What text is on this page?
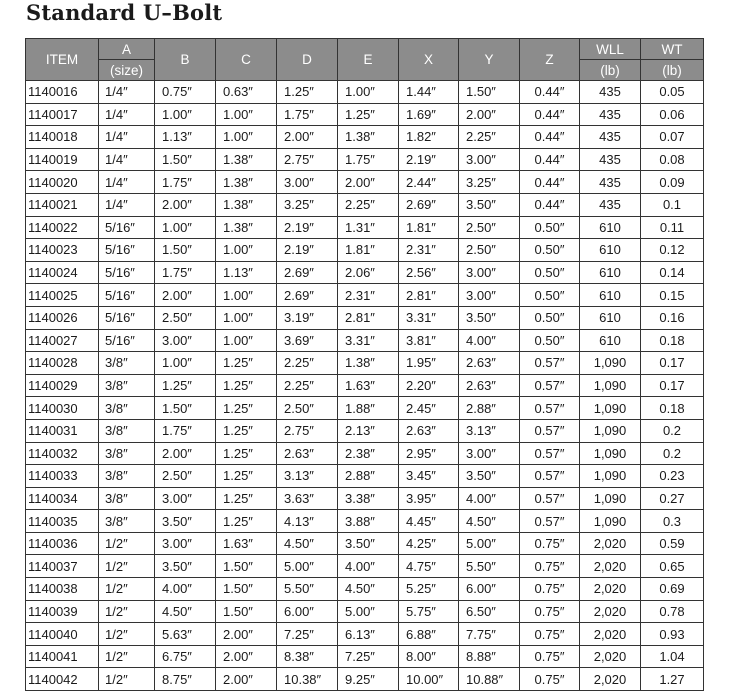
Standard U–Bolt
ITEM	A	B	C	D	E	X	Y	Z	WLL	WT
	(size)								(lb)	(lb)
1140016	1/4″	0.75″	0.63″	1.25″	1.00″	1.44″	1.50″	0.44″	435	0.05
1140017	1/4″	1.00″	1.00″	1.75″	1.25″	1.69″	2.00″	0.44″	435	0.06
1140018	1/4″	1.13″	1.00″	2.00″	1.38″	1.82″	2.25″	0.44″	435	0.07
1140019	1/4″	1.50″	1.38″	2.75″	1.75″	2.19″	3.00″	0.44″	435	0.08
1140020	1/4″	1.75″	1.38″	3.00″	2.00″	2.44″	3.25″	0.44″	435	0.09
1140021	1/4″	2.00″	1.38″	3.25″	2.25″	2.69″	3.50″	0.44″	435	0.1
1140022	5/16″	1.00″	1.38″	2.19″	1.31″	1.81″	2.50″	0.50″	610	0.11
1140023	5/16″	1.50″	1.00″	2.19″	1.81″	2.31″	2.50″	0.50″	610	0.12
1140024	5/16″	1.75″	1.13″	2.69″	2.06″	2.56″	3.00″	0.50″	610	0.14
1140025	5/16″	2.00″	1.00″	2.69″	2.31″	2.81″	3.00″	0.50″	610	0.15
1140026	5/16″	2.50″	1.00″	3.19″	2.81″	3.31″	3.50″	0.50″	610	0.16
1140027	5/16″	3.00″	1.00″	3.69″	3.31″	3.81″	4.00″	0.50″	610	0.18
1140028	3/8″	1.00″	1.25″	2.25″	1.38″	1.95″	2.63″	0.57″	1,090	0.17
1140029	3/8″	1.25″	1.25″	2.25″	1.63″	2.20″	2.63″	0.57″	1,090	0.17
1140030	3/8″	1.50″	1.25″	2.50″	1.88″	2.45″	2.88″	0.57″	1,090	0.18
1140031	3/8″	1.75″	1.25″	2.75″	2.13″	2.63″	3.13″	0.57″	1,090	0.2
1140032	3/8″	2.00″	1.25″	2.63″	2.38″	2.95″	3.00″	0.57″	1,090	0.2
1140033	3/8″	2.50″	1.25″	3.13″	2.88″	3.45″	3.50″	0.57″	1,090	0.23
1140034	3/8″	3.00″	1.25″	3.63″	3.38″	3.95″	4.00″	0.57″	1,090	0.27
1140035	3/8″	3.50″	1.25″	4.13″	3.88″	4.45″	4.50″	0.57″	1,090	0.3
1140036	1/2″	3.00″	1.63″	4.50″	3.50″	4.25″	5.00″	0.75″	2,020	0.59
1140037	1/2″	3.50″	1.50″	5.00″	4.00″	4.75″	5.50″	0.75″	2,020	0.65
1140038	1/2″	4.00″	1.50″	5.50″	4.50″	5.25″	6.00″	0.75″	2,020	0.69
1140039	1/2″	4.50″	1.50″	6.00″	5.00″	5.75″	6.50″	0.75″	2,020	0.78
1140040	1/2″	5.63″	2.00″	7.25″	6.13″	6.88″	7.75″	0.75″	2,020	0.93
1140041	1/2″	6.75″	2.00″	8.38″	7.25″	8.00″	8.88″	0.75″	2,020	1.04
1140042	1/2″	8.75″	2.00″	10.38″	9.25″	10.00″	10.88″	0.75″	2,020	1.27
